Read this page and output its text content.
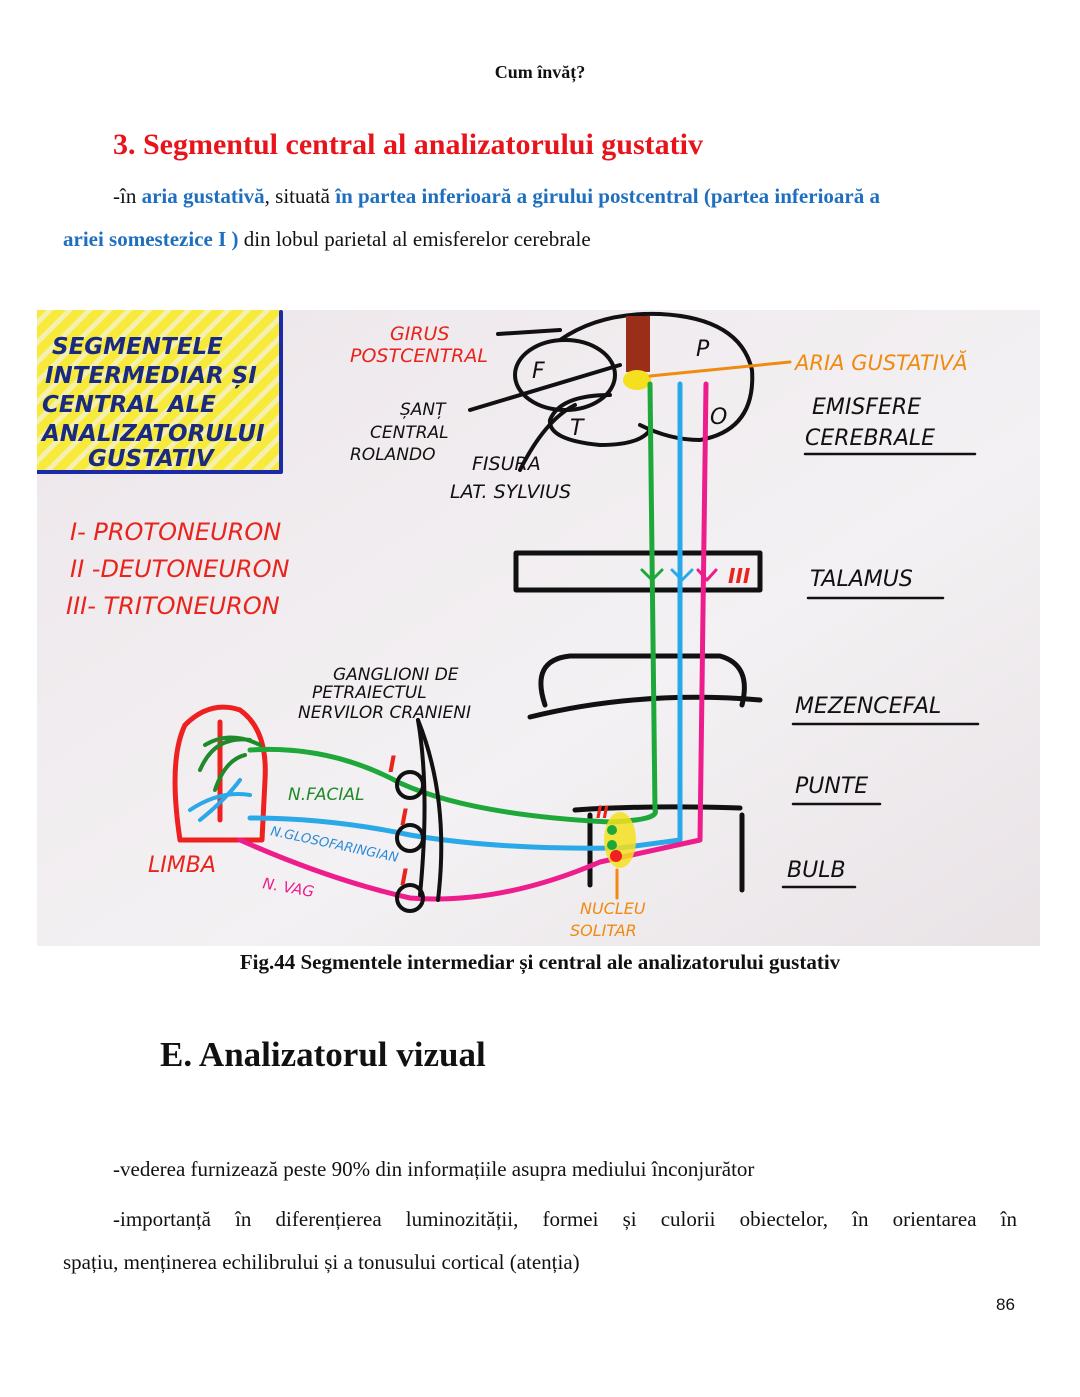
Cum învăț?
3. Segmentul central al analizatorului gustativ
-în aria gustativă, situată în partea inferioară a girului postcentral (partea inferioară a
ariei somestezice I ) din lobul parietal al emisferelor cerebrale
SEGMENTELE
INTERMEDIAR ȘI
CENTRAL ALE
ANALIZATORULUI
GUSTATIV
F
T
P
O
GIRUS
POSTCENTRAL
ȘANȚ
CENTRAL
ROLANDO FISURA
LAT. SYLVIUS
ARIA GUSTATIVĂ
EMISFERE
CEREBRALE
I- PROTONEURON
II -DEUTONEURON
III- TRITONEURON
III	TALAMUS
MEZENCEFAL
PUNTE
BULB
LIMBA
I
I
I
II
GANGLIONI DE
PETRAIECTUL
NERVILOR CRANIENI
N.FACIAL
N.GLOSOFARINGIAN
N. VAG
NUCLEU
SOLITAR
Fig.44 Segmentele intermediar și central ale analizatorului gustativ
E. Analizatorul vizual
-vederea furnizează peste 90% din informațiile asupra mediului înconjurător
-importanță în diferențierea luminozității, formei și culorii obiectelor, în orientarea în
spațiu, menținerea echilibrului și a tonusului cortical (atenția)
86
